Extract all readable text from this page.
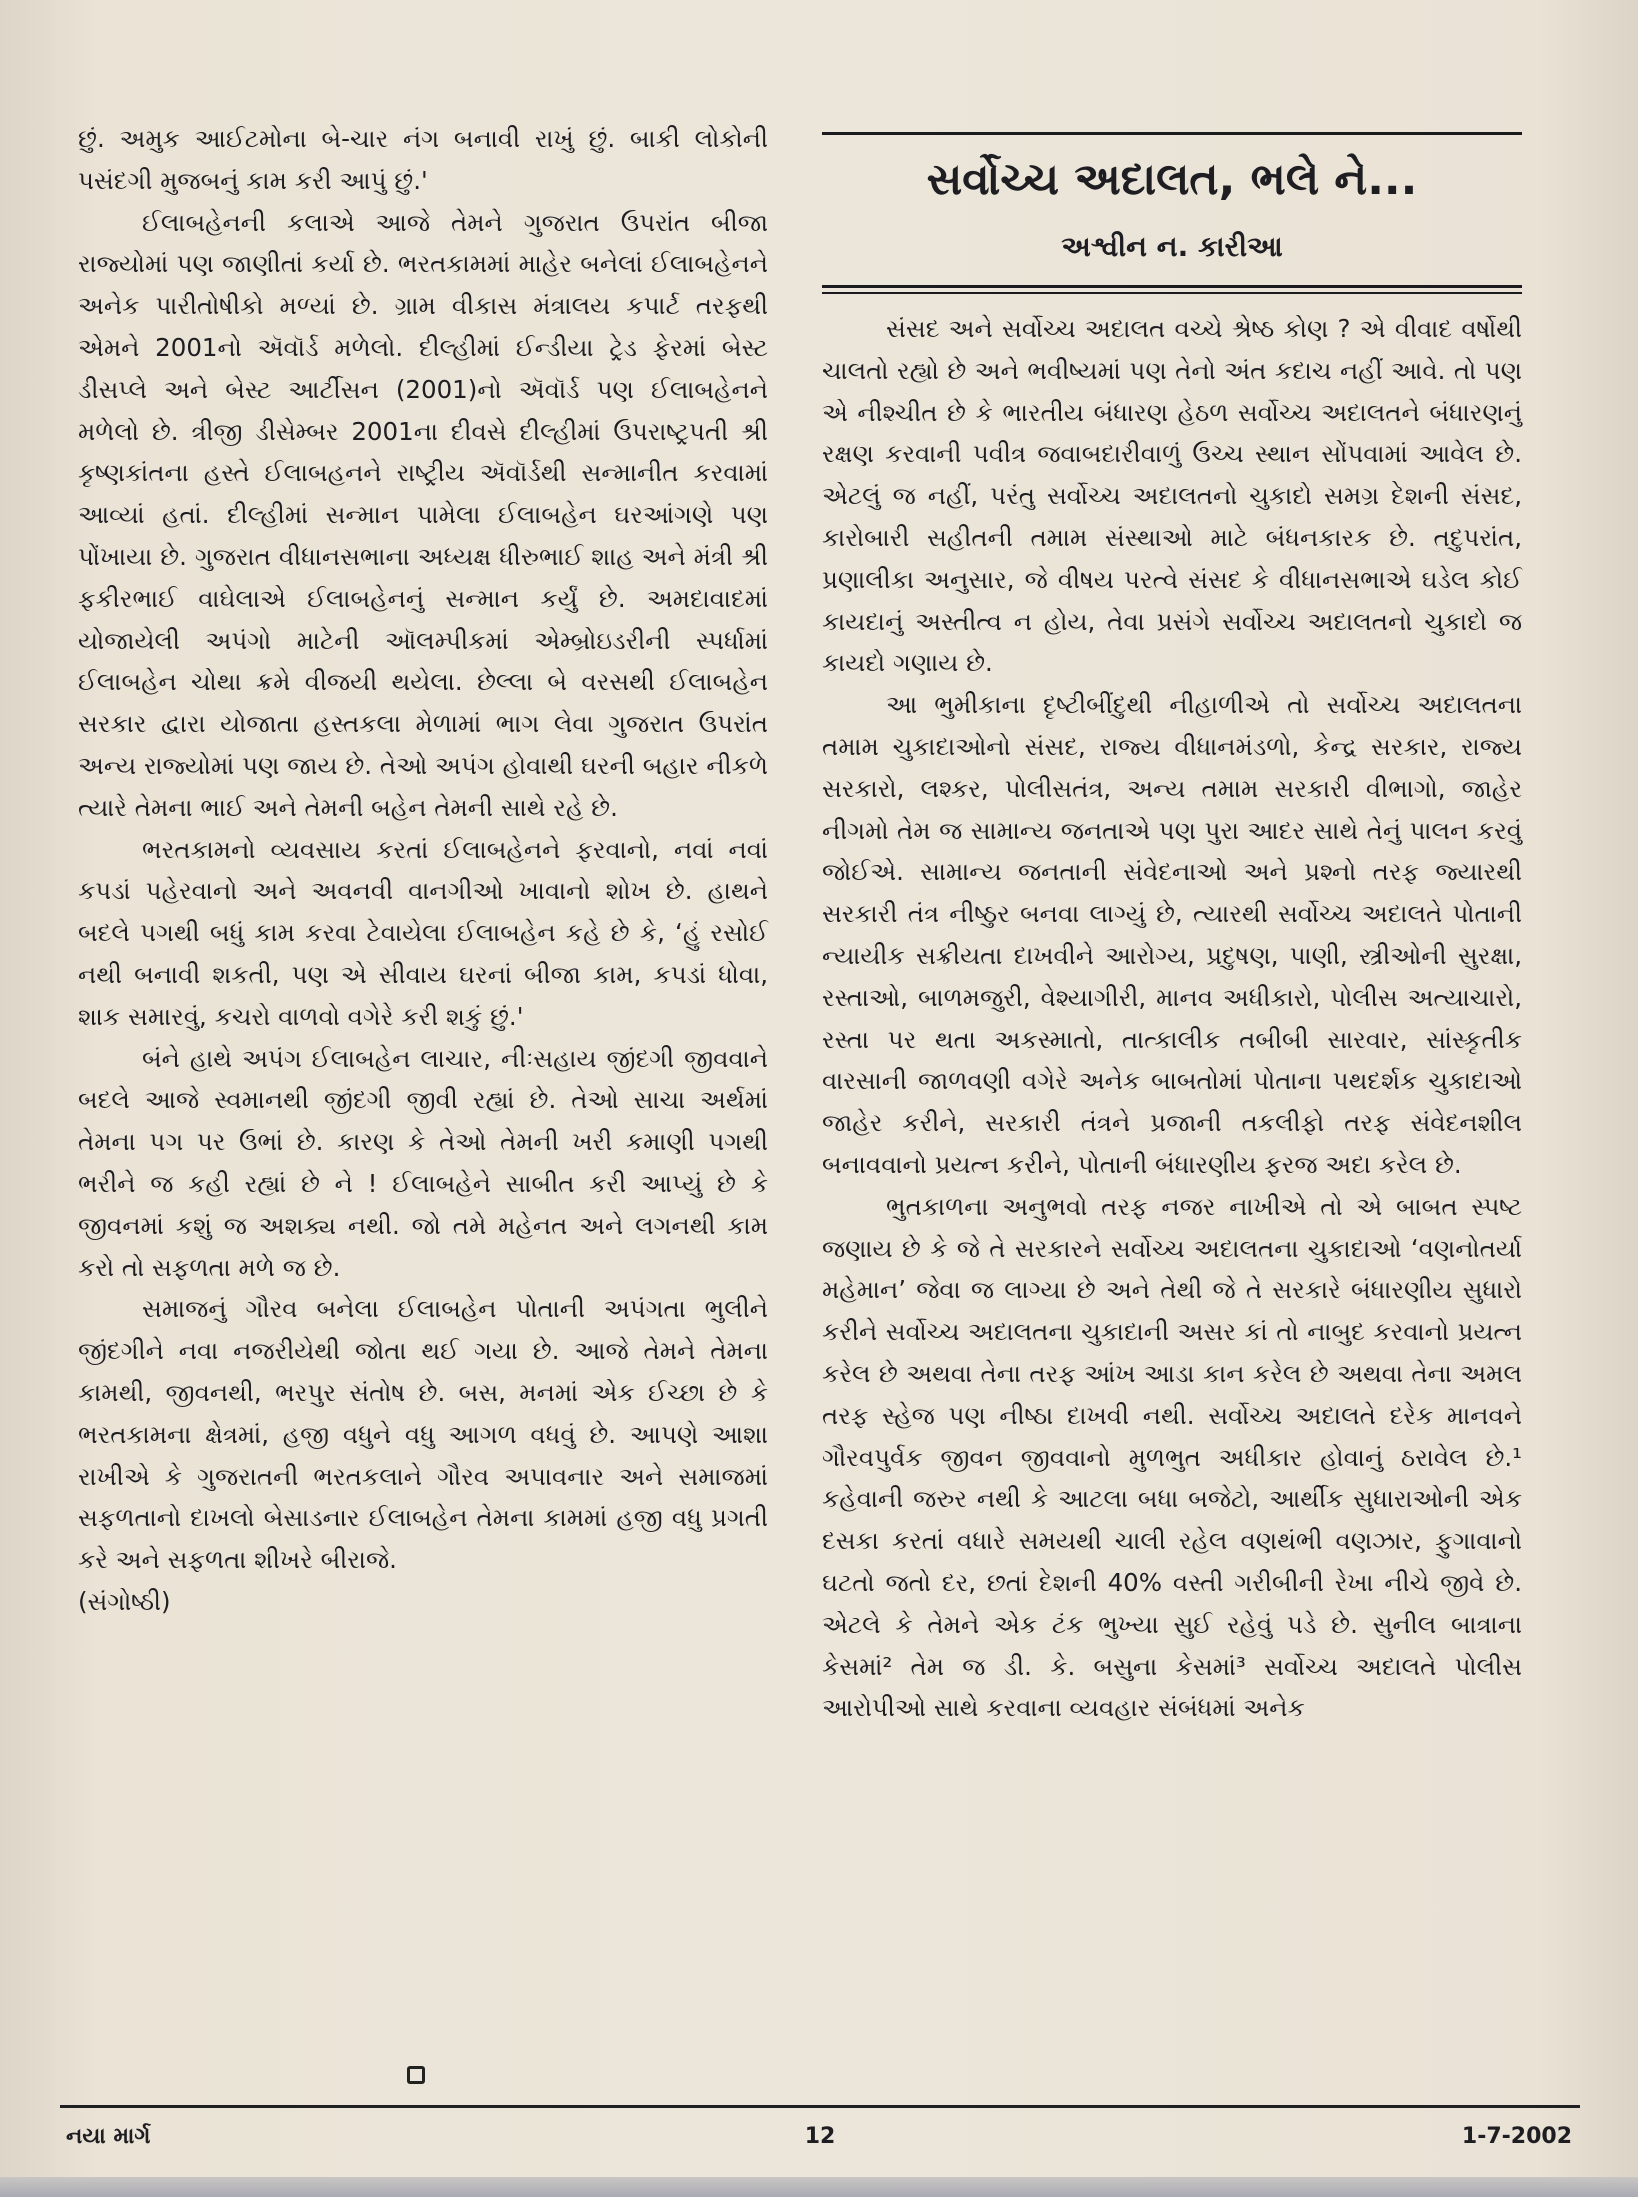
છું. અમુક આઈટમોના બે-ચાર નંગ બનાવી રાખું છું. બાકી લોકોની પસંદગી મુજબનું કામ કરી આપું છું.'

ઈલાબહેનની કલાએ આજે તેમને ગુજરાત ઉપરાંત બીજા રાજ્યોમાં પણ જાણીતાં કર્યા છે. ભરતકામમાં માહેર બનેલાં ઈલાબહેનને અનેક પારીતોષીકો મળ્યાં છે. ગ્રામ વીકાસ મંત્રાલય કપાર્ટ તરફથી એમને 2001નો ઍવૉર્ડ મળેલો. દીલ્હીમાં ઈન્ડીયા ટ્રેડ ફેરમાં બેસ્ટ ડીસપ્લે અને બેસ્ટ આર્ટીસન (2001)નો ઍવૉર્ડ પણ ઈલાબહેનને મળેલો છે. ત્રીજી ડીસેમ્બર 2001ના દીવસે દીલ્હીમાં ઉપરાષ્ટ્રપતી શ્રી કૃષ્ણકાંતના હસ્તે ઈલાબહનને રાષ્ટ્રીય ઍવૉર્ડથી સન્માનીત કરવામાં આવ્યાં હતાં. દીલ્હીમાં સન્માન પામેલા ઈલાબહેન ઘરઆંગણે પણ પોંખાયા છે. ગુજરાત વીધાનસભાના અધ્યક્ષ ધીરુભાઈ શાહ અને મંત્રી શ્રી ફકીરભાઈ વાઘેલાએ ઈલાબહેનનું સન્માન કર્યું છે. અમદાવાદમાં યોજાયેલી અપંગો માટેની ઑલમ્પીકમાં એમ્બ્રોઇડરીની સ્પર્ધામાં ઈલાબહેન ચોથા ક્રમે વીજયી થયેલા. છેલ્લા બે વરસથી ઈલાબહેન સરકાર દ્વારા યોજાતા હસ્તકલા મેળામાં ભાગ લેવા ગુજરાત ઉપરાંત અન્ય રાજ્યોમાં પણ જાય છે. તેઓ અપંગ હોવાથી ઘરની બહાર નીકળે ત્યારે તેમના ભાઈ અને તેમની બહેન તેમની સાથે રહે છે.

ભરતકામનો વ્યવસાય કરતાં ઈલાબહેનને ફરવાનો, નવાં નવાં કપડાં પહેરવાનો અને અવનવી વાનગીઓ ખાવાનો શોખ છે. હાથને બદલે પગથી બધું કામ કરવા ટેવાયેલા ઈલાબહેન કહે છે કે, ‘હું રસોઈ નથી બનાવી શકતી, પણ એ સીવાય ઘરનાં બીજા કામ, કપડાં ધોવા, શાક સમારવું, કચરો વાળવો વગેરે કરી શકું છું.'

બંને હાથે અપંગ ઈલાબહેન લાચાર, નીઃસહાય જીંદગી જીવવાને બદલે આજે સ્વમાનથી જીંદગી જીવી રહ્યાં છે. તેઓ સાચા અર્થમાં તેમના પગ પર ઉભાં છે. કારણ કે તેઓ તેમની ખરી કમાણી પગથી ભરીને જ કહી રહ્યાં છે ને ! ઈલાબહેને સાબીત કરી આપ્યું છે કે જીવનમાં કશું જ અશક્ય નથી. જો તમે મહેનત અને લગનથી કામ કરો તો સફળતા મળે જ છે.

સમાજનું ગૌરવ બનેલા ઈલાબહેન પોતાની અપંગતા ભુલીને જીંદગીને નવા નજરીયેથી જોતા થઈ ગયા છે. આજે તેમને તેમના કામથી, જીવનથી, ભરપુર સંતોષ છે. બસ, મનમાં એક ઈચ્છા છે કે ભરતકામના ક્ષેત્રમાં, હજી વધુને વધુ આગળ વધવું છે. આપણે આશા રાખીએ કે ગુજરાતની ભરતકલાને ગૌરવ અપાવનાર અને સમાજમાં સફળતાનો દાખલો બેસાડનાર ઈલાબહેન તેમના કામમાં હજી વધુ પ્રગતી કરે અને સફળતા શીખરે બીરાજે.

(સંગોષ્ઠી)

સર્વોચ્ચ અદાલત, ભલે ને...
અશ્વીન ન. કારીઆ

સંસદ અને સર્વોચ્ચ અદાલત વચ્ચે શ્રેષ્ઠ કોણ ? એ વીવાદ વર્ષોથી ચાલતો રહ્યો છે અને ભવીષ્યમાં પણ તેનો અંત કદાચ નહીં આવે. તો પણ એ નીશ્ચીત છે કે ભારતીય બંધારણ હેઠળ સર્વોચ્ચ અદાલતને બંધારણનું રક્ષણ કરવાની પવીત્ર જવાબદારીવાળું ઉચ્ચ સ્થાન સોંપવામાં આવેલ છે. એટલું જ નહીં, પરંતુ સર્વોચ્ચ અદાલતનો ચુકાદો સમગ્ર દેશની સંસદ, કારોબારી સહીતની તમામ સંસ્થાઓ માટે બંધનકારક છે. તદુપરાંત, પ્રણાલીકા અનુસાર, જે વીષય પરત્વે સંસદ કે વીધાનસભાએ ઘડેલ કોઈ કાયદાનું અસ્તીત્વ ન હોય, તેવા પ્રસંગે સર્વોચ્ચ અદાલતનો ચુકાદો જ કાયદો ગણાય છે.

આ ભુમીકાના દૃષ્ટીબીંદુથી નીહાળીએ તો સર્વોચ્ચ અદાલતના તમામ ચુકાદાઓનો સંસદ, રાજ્ય વીધાનમંડળો, કેન્દ્ર સરકાર, રાજ્ય સરકારો, લશ્કર, પોલીસતંત્ર, અન્ય તમામ સરકારી વીભાગો, જાહેર નીગમો તેમ જ સામાન્ય જનતાએ પણ પુરા આદર સાથે તેનું પાલન કરવું જોઈએ. સામાન્ય જનતાની સંવેદનાઓ અને પ્રશ્નો તરફ જ્યારથી સરકારી તંત્ર નીષ્ઠુર બનવા લાગ્યું છે, ત્યારથી સર્વોચ્ચ અદાલતે પોતાની ન્યાયીક સક્રીયતા દાખવીને આરોગ્ય, પ્રદુષણ, પાણી, સ્ત્રીઓની સુરક્ષા, રસ્તાઓ, બાળમજુરી, વેશ્યાગીરી, માનવ અધીકારો, પોલીસ અત્યાચારો, રસ્તા પર થતા અકસ્માતો, તાત્કાલીક તબીબી સારવાર, સાંસ્કૃતીક વારસાની જાળવણી વગેરે અનેક બાબતોમાં પોતાના પથદર્શક ચુકાદાઓ જાહેર કરીને, સરકારી તંત્રને પ્રજાની તકલીફો તરફ સંવેદનશીલ બનાવવાનો પ્રયત્ન કરીને, પોતાની બંધારણીય ફરજ અદા કરેલ છે.

ભુતકાળના અનુભવો તરફ નજર નાખીએ તો એ બાબત સ્પષ્ટ જણાય છે કે જે તે સરકારને સર્વોચ્ચ અદાલતના ચુકાદાઓ ‘વણનોતર્યા મહેમાન’ જેવા જ લાગ્યા છે અને તેથી જે તે સરકારે બંધારણીય સુધારો કરીને સર્વોચ્ચ અદાલતના ચુકાદાની અસર કાં તો નાબુદ કરવાનો પ્રયત્ન કરેલ છે અથવા તેના તરફ આંખ આડા કાન કરેલ છે અથવા તેના અમલ તરફ સ્હેજ પણ નીષ્ઠા દાખવી નથી. સર્વોચ્ચ અદાલતે દરેક માનવને ગૌરવપુર્વક જીવન જીવવાનો મુળભુત અધીકાર હોવાનું ઠરાવેલ છે.¹ કહેવાની જરુર નથી કે આટલા બધા બજેટો, આર્થીક સુધારાઓની એક દસકા કરતાં વધારે સમયથી ચાલી રહેલ વણથંભી વણઝાર, ફુગાવાનો ઘટતો જતો દર, છતાં દેશની 40% વસ્તી ગરીબીની રેખા નીચે જીવે છે. એટલે કે તેમને એક ટંક ભુખ્યા સુઈ રહેવું પડે છે. સુનીલ બાત્રાના કેસમાં² તેમ જ ડી. કે. બસુના કેસમાં³ સર્વોચ્ચ અદાલતે પોલીસ આરોપીઓ સાથે કરવાના વ્યવહાર સંબંધમાં અનેક

નયા માર્ગ	12	1-7-2002
